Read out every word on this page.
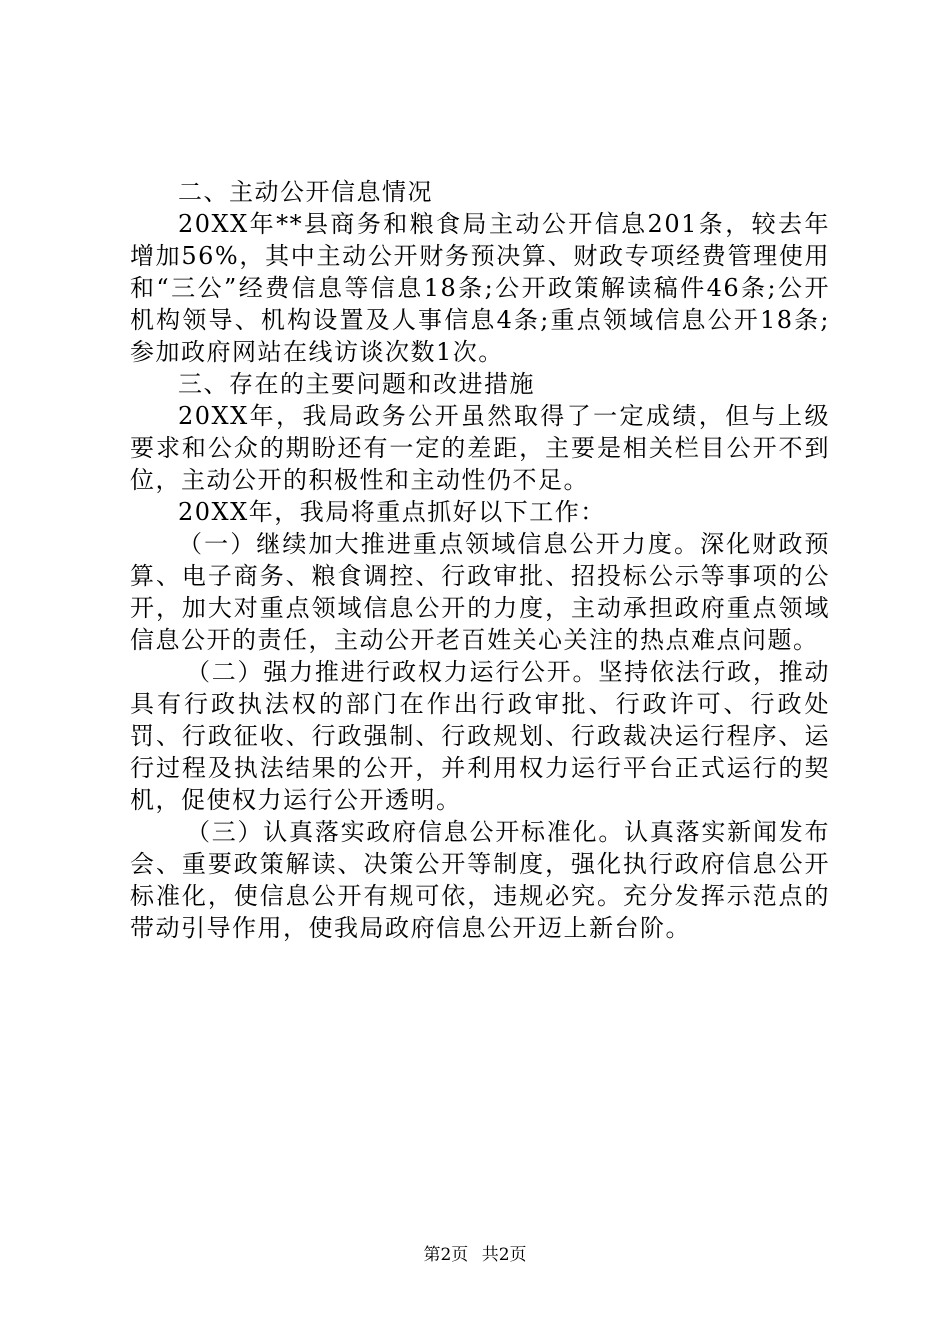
二、主动公开信息情况

20XX年**县商务和粮食局主动公开信息201条，较去年增加56%，其中主动公开财务预决算、财政专项经费管理使用和“三公”经费信息等信息18条;公开政策解读稿件46条;公开机构领导、机构设置及人事信息4条;重点领域信息公开18条;参加政府网站在线访谈次数1次。

三、存在的主要问题和改进措施

20XX年，我局政务公开虽然取得了一定成绩，但与上级要求和公众的期盼还有一定的差距，主要是相关栏目公开不到位，主动公开的积极性和主动性仍不足。

20XX年，我局将重点抓好以下工作：

（一）继续加大推进重点领域信息公开力度。深化财政预算、电子商务、粮食调控、行政审批、招投标公示等事项的公开，加大对重点领域信息公开的力度，主动承担政府重点领域信息公开的责任，主动公开老百姓关心关注的热点难点问题。

（二）强力推进行政权力运行公开。坚持依法行政，推动具有行政执法权的部门在作出行政审批、行政许可、行政处罚、行政征收、行政强制、行政规划、行政裁决运行程序、运行过程及执法结果的公开，并利用权力运行平台正式运行的契机，促使权力运行公开透明。

（三）认真落实政府信息公开标准化。认真落实新闻发布会、重要政策解读、决策公开等制度，强化执行政府信息公开标准化，使信息公开有规可依，违规必究。充分发挥示范点的带动引导作用，使我局政府信息公开迈上新台阶。

第2页 共2页
